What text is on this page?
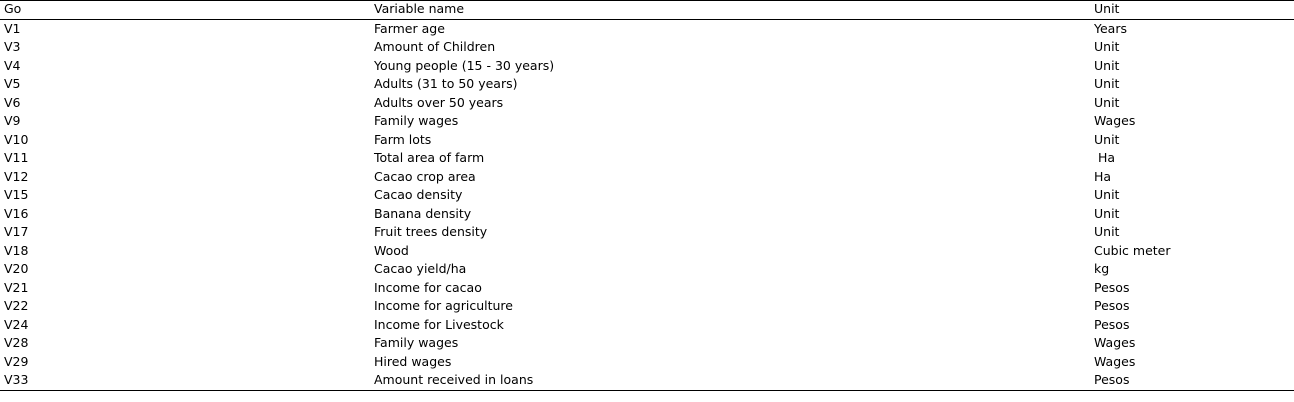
Go	Variable name	Unit
V1	Farmer age	Years
V3	Amount of Children	Unit
V4	Young people (15 - 30 years)	Unit
V5	Adults (31 to 50 years)	Unit
V6	Adults over 50 years	Unit
V9	Family wages	Wages
V10	Farm lots	Unit
V11	Total area of farm	Ha
V12	Cacao crop area	Ha
V15	Cacao density	Unit
V16	Banana density	Unit
V17	Fruit trees density	Unit
V18	Wood	Cubic meter
V20	Cacao yield/ha	kg
V21	Income for cacao	Pesos
V22	Income for agriculture	Pesos
V24	Income for Livestock	Pesos
V28	Family wages	Wages
V29	Hired wages	Wages
V33	Amount received in loans	Pesos
